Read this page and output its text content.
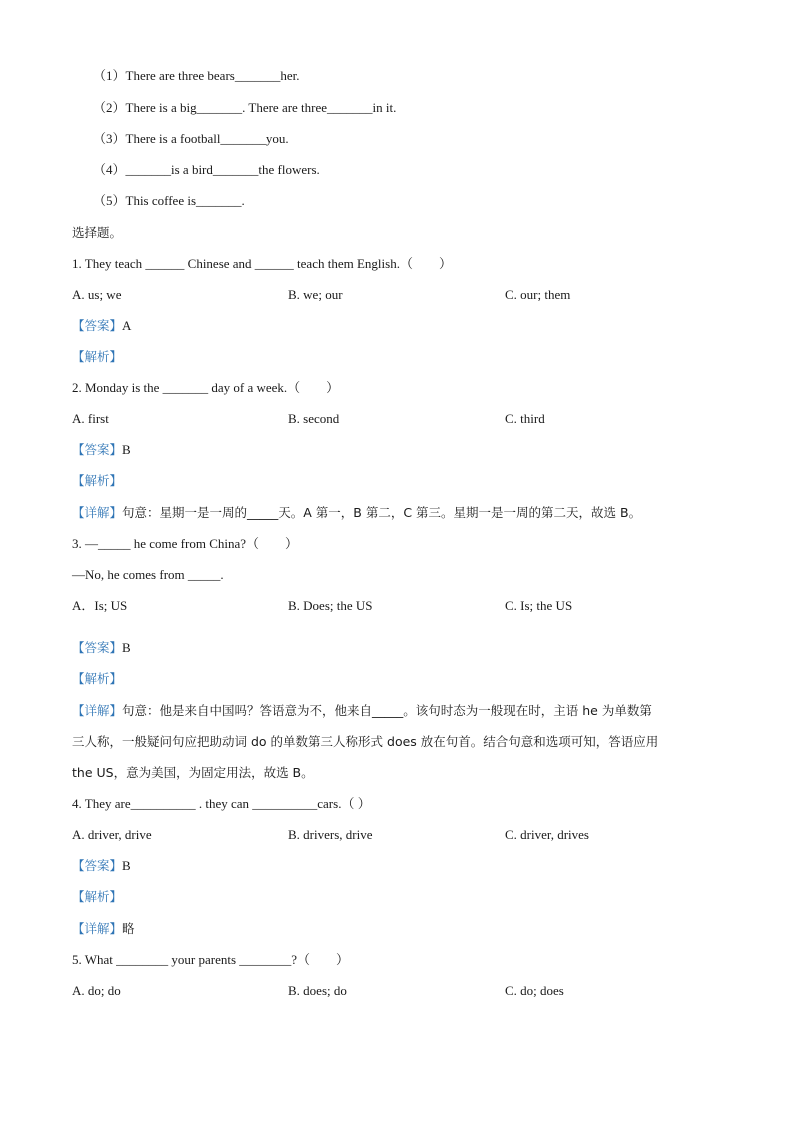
（1）There are three bears_______her.
（2）There is a big_______. There are three_______in it.
（3）There is a football_______you.
（4）_______is a bird_______the flowers.
（5）This coffee is_______.
选择题。
1. They teach ______ Chinese and ______ teach them English.（　　）
A. us; we	B. we; our	C. our; them
【答案】A
【解析】
2. Monday is the _______ day of a week.（　　）
A. first	B. second	C. third
【答案】B
【解析】
【详解】句意：星期一是一周的_____天。A 第一，B 第二，C 第三。星期一是一周的第二天，故选 B。
3. —_____ he come from China?（　　）
—No, he comes from _____.
A．Is; US	B. Does; the US	C. Is; the US
【答案】B
【解析】
【详解】句意：他是来自中国吗？答语意为不，他来自_____。该句时态为一般现在时，主语 he 为单数第
三人称，一般疑问句应把助动词 do 的单数第三人称形式 does 放在句首。结合句意和选项可知，答语应用
the US，意为美国，为固定用法，故选 B。
4. They are__________ . they can __________cars.（ ）
A. driver, drive	B. drivers, drive	C. driver, drives
【答案】B
【解析】
【详解】略
5. What ________ your parents ________?（　　）
A. do; do	B. does; do	C. do; does
